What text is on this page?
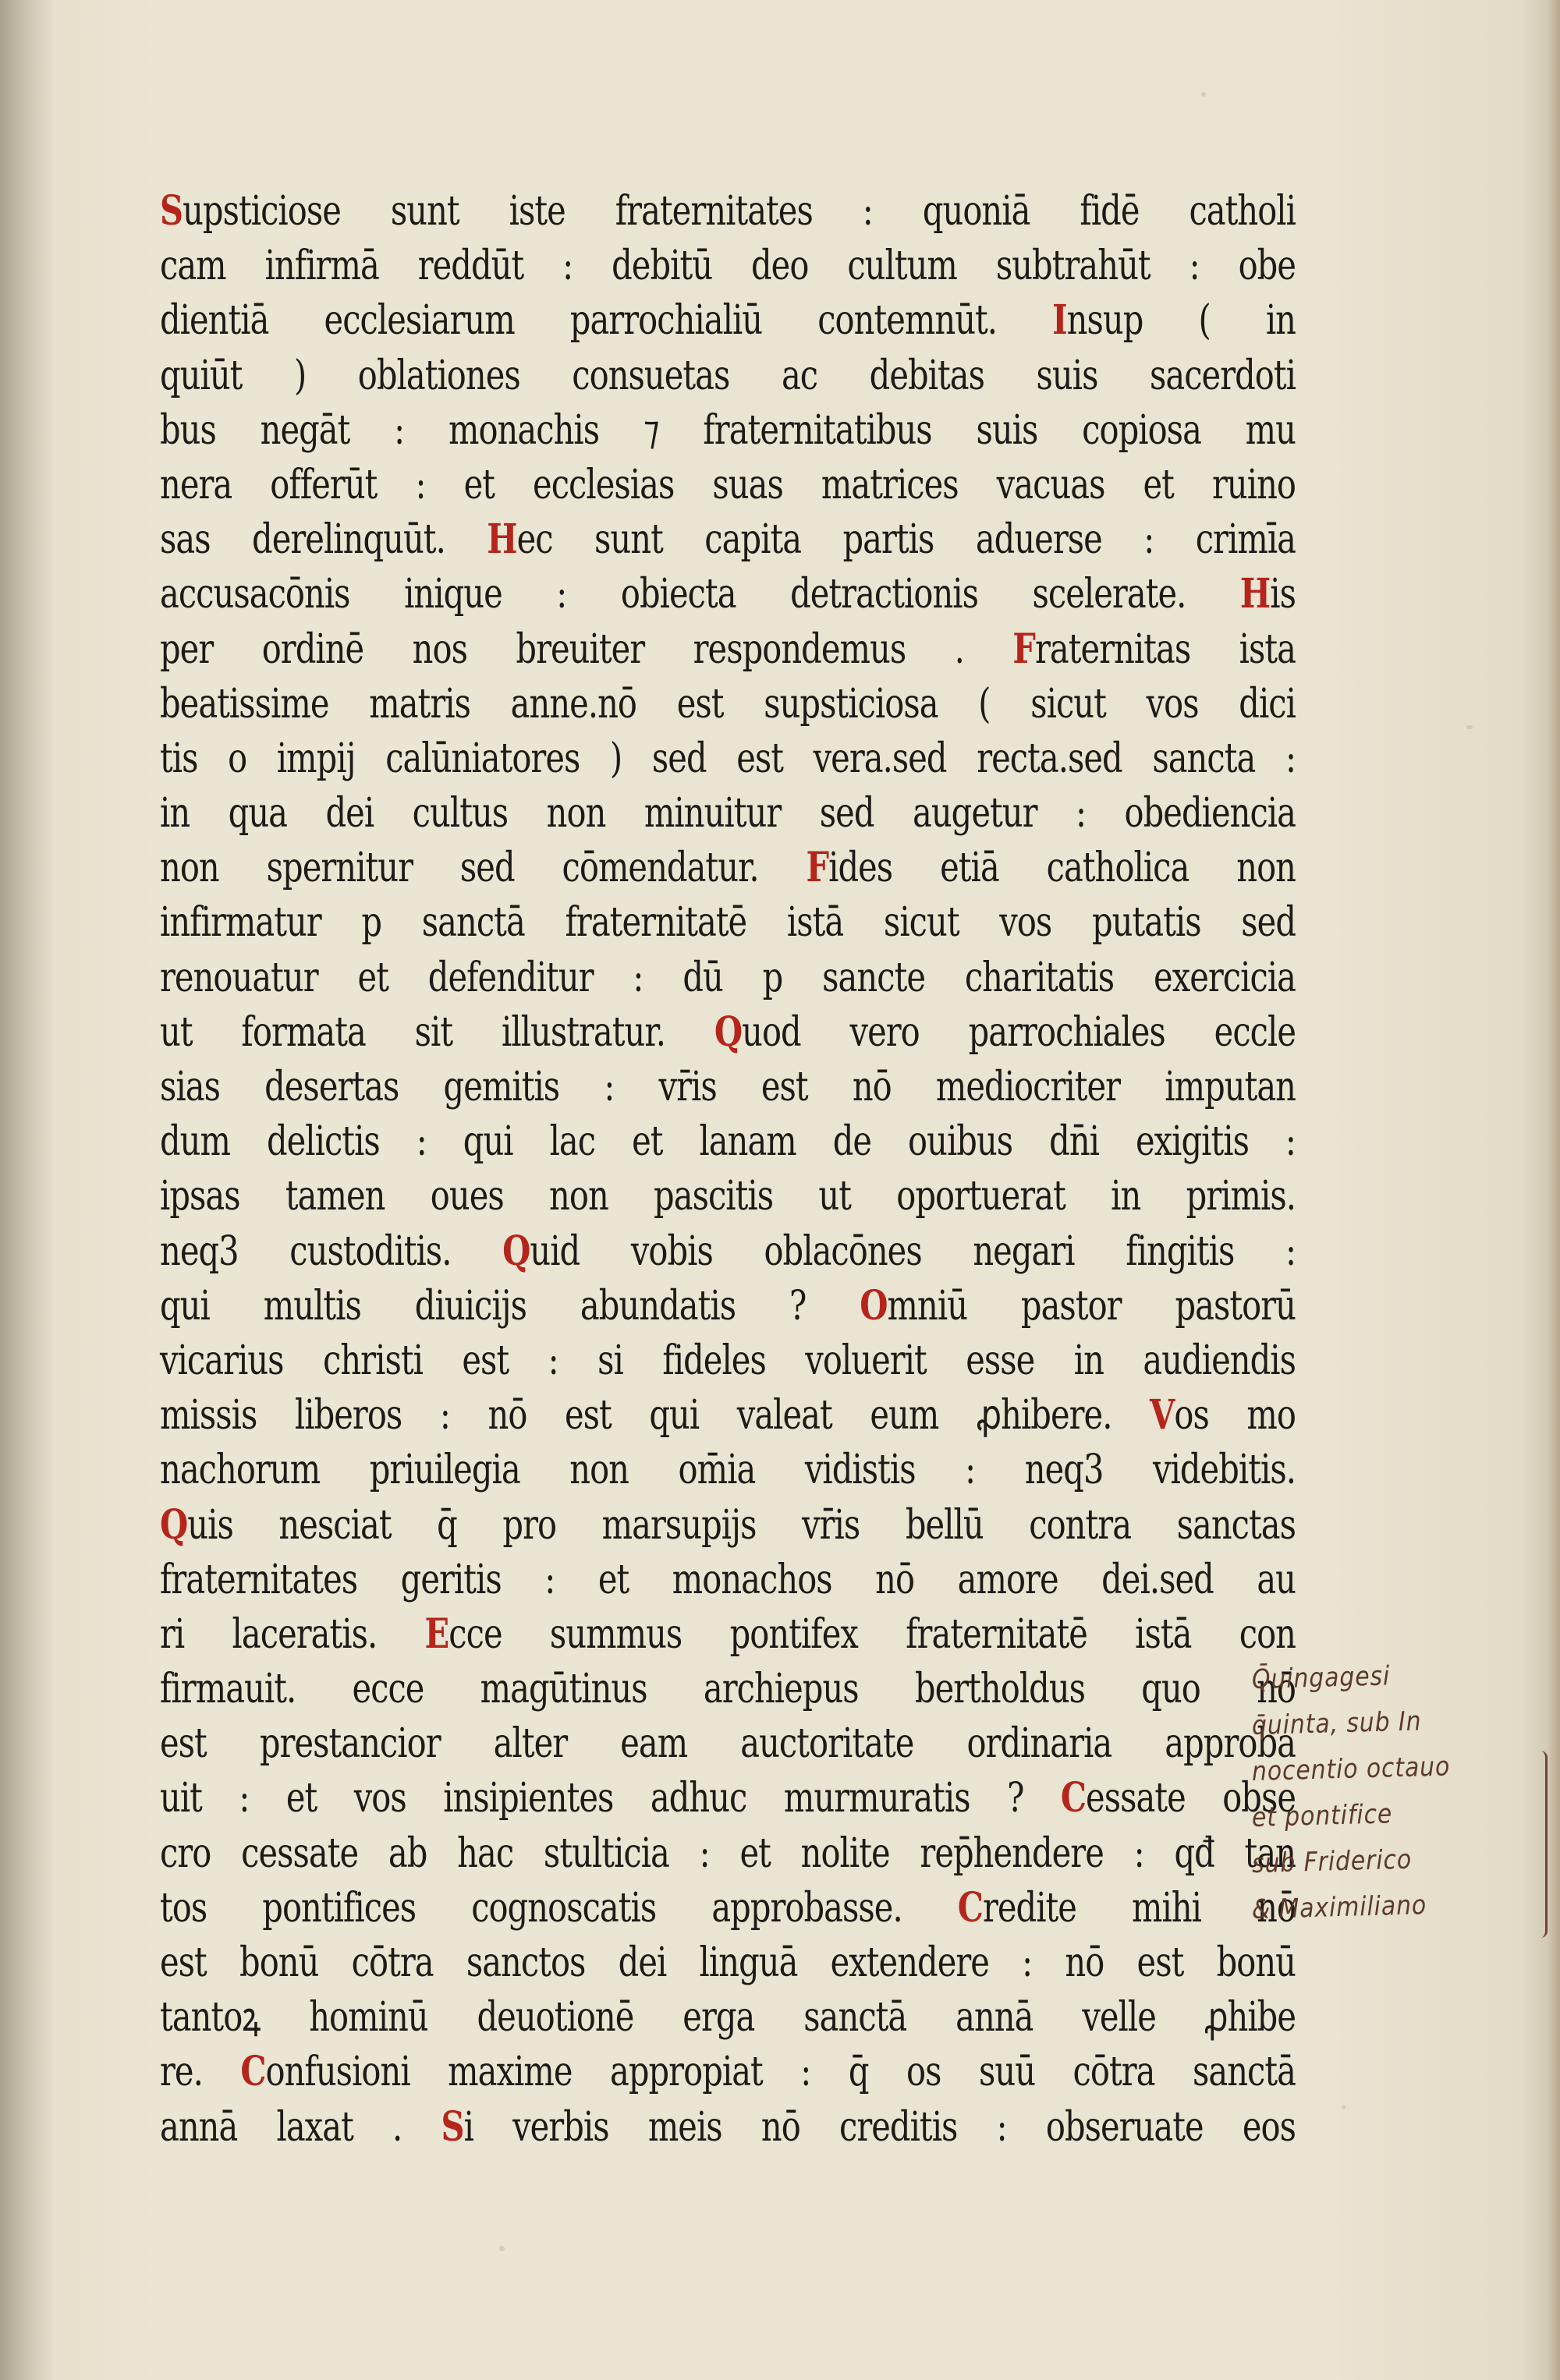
Supsticiose sunt iste fraternitates : quoniā fidē catholi
cam infirmā reddūt : debitū deo cultum subtrahūt : obe
dientiā ecclesiarum parrochialiū contemnūt. Insup ( in
quiūt ) oblationes consuetas ac debitas suis sacerdoti
bus negāt : monachis ⁊ fraternitatibus suis copiosa mu
nera offerūt : et ecclesias suas matrices vacuas et ruino
sas derelinquūt. Hec sunt capita partis aduerse : crimīa
accusacōnis inique : obiecta detractionis scelerate. His
per ordinē nos breuiter respondemus . Fraternitas ista
beatissime matris anne.nō est supsticiosa ( sicut vos dici
tis o impij calūniatores ) sed est vera.sed recta.sed sancta :
in qua dei cultus non minuitur sed augetur : obediencia
non spernitur sed cōmendatur. Fides etiā catholica non
infirmatur p sanctā fraternitatē istā sicut vos putatis sed
renouatur et defenditur : dū p sancte charitatis exercicia
ut formata sit illustratur. Quod vero parrochiales eccle
sias desertas gemitis : vr̄is est nō mediocriter imputan
dum delictis : qui lac et lanam de ouibus dn̄i exigitis :
ipsas tamen oues non pascitis ut oportuerat in primis.
neq3 custoditis. Quid vobis oblacōnes negari fingitis :
qui multis diuicijs abundatis ? Omniū pastor pastorū
vicarius christi est : si fideles voluerit esse in audiendis
missis liberos : nō est qui valeat eum ꝓhibere. Vos mo
nachorum priuilegia non om̄ia vidistis : neq3 videbitis.
Quis nesciat q̄ pro marsupijs vr̄is bellū contra sanctas
fraternitates geritis : et monachos nō amore dei.sed au
ri laceratis. Ecce summus pontifex fraternitatē istā con
firmauit. ecce magūtinus archiepus bertholdus quo nō
est prestancior alter eam auctoritate ordinaria approba
uit : et vos insipientes adhuc murmuratis ? Cessate obse
cro cessate ab hac stulticia : et nolite rep̄hendere : qđ tan
tos pontifices cognoscatis approbasse. Credite mihi nō
est bonū cōtra sanctos dei linguā extendere : nō est bonū
tantoꝝ hominū deuotionē erga sanctā annā velle ꝓhibe
re. Confusioni maxime appropiat : q̄ os suū cōtra sanctā
annā laxat . Si verbis meis nō creditis : obseruate eos
Q̄uingagesi
q̄uinta, sub In
nocentio octauo
et pontifice
sub Friderico
& Maximiliano
